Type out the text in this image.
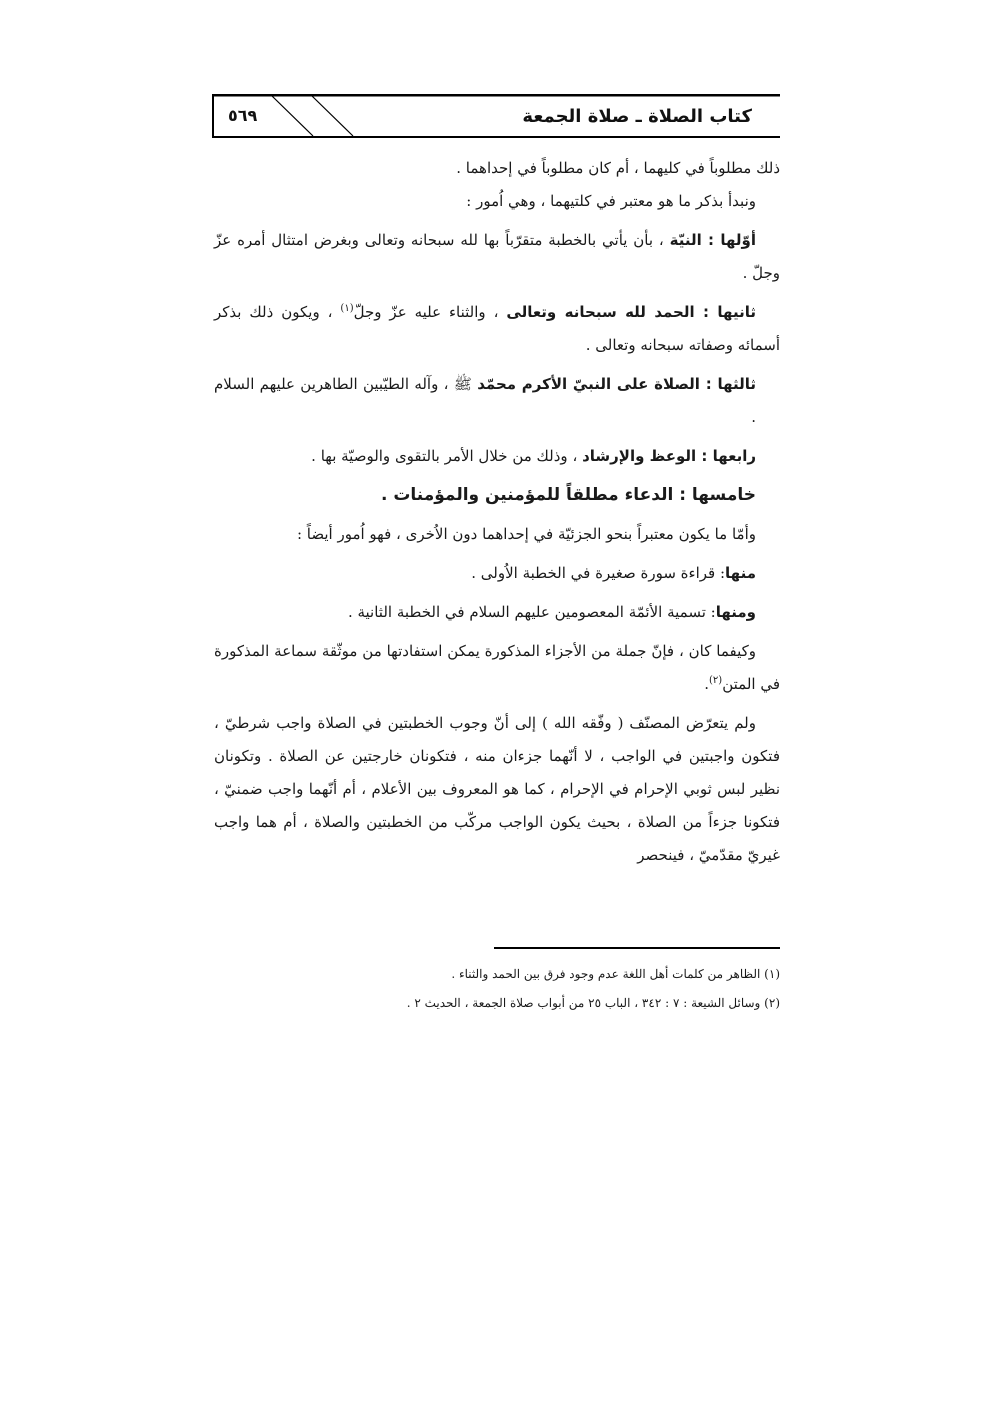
٥٦٩	كتاب الصلاة ـ صلاة الجمعة

ذلك مطلوباً في كليهما ، أم كان مطلوباً في إحداهما .

ونبدأ بذكر ما هو معتبر في كلتيهما ، وهي اُمور :

أوّلها : النيّة ، بأن يأتي بالخطبة متقرّباً بها لله سبحانه وتعالى وبغرض امتثال أمره عزّ وجلّ .

ثانيها : الحمد لله سبحانه وتعالى ، والثناء عليه عزّ وجلّ$^{(١)}$ ، ويكون ذلك بذكر أسمائه وصفاته سبحانه وتعالى .

ثالثها : الصلاة على النبيّ الأكرم محمّد ﷺ ، وآله الطيّبين الطاهرين علیهم السلام .

رابعها : الوعظ والإرشاد ، وذلك من خلال الأمر بالتقوى والوصيّة بها .

خامسها : الدعاء مطلقاً للمؤمنين والمؤمنات .

وأمّا ما يكون معتبراً بنحو الجزئيّة في إحداهما دون الاُخرى ، فهو اُمور أيضاً :

منها: قراءة سورة صغيرة في الخطبة الاُولى .

ومنها: تسمية الأئمّة المعصومين علیهم السلام في الخطبة الثانية .

وكيفما كان ، فإنّ جملة من الأجزاء المذكورة يمكن استفادتها من موثّقة سماعة المذكورة في المتن$^{(٢)}$.

ولم يتعرّض المصنّف ( وفّقه الله ) إلى أنّ وجوب الخطبتين في الصلاة واجب شرطيّ ، فتكون واجبتين في الواجب ، لا أنّهما جزءان منه ، فتكونان خارجتين عن الصلاة . وتكونان نظير لبس ثوبي الإحرام في الإحرام ، كما هو المعروف بين الأعلام ، أم أنّهما واجب ضمنيّ ، فتكونا جزءاً من الصلاة ، بحيث يكون الواجب مركّب من الخطبتين والصلاة ، أم هما واجب غيريّ مقدّميّ ، فينحصر

(١) الظاهر من كلمات أهل اللغة عدم وجود فرق بين الحمد والثناء .

(٢) وسائل الشيعة : ٧ : ٣٤٢ ، الباب ٢٥ من أبواب صلاة الجمعة ، الحديث ٢ .
